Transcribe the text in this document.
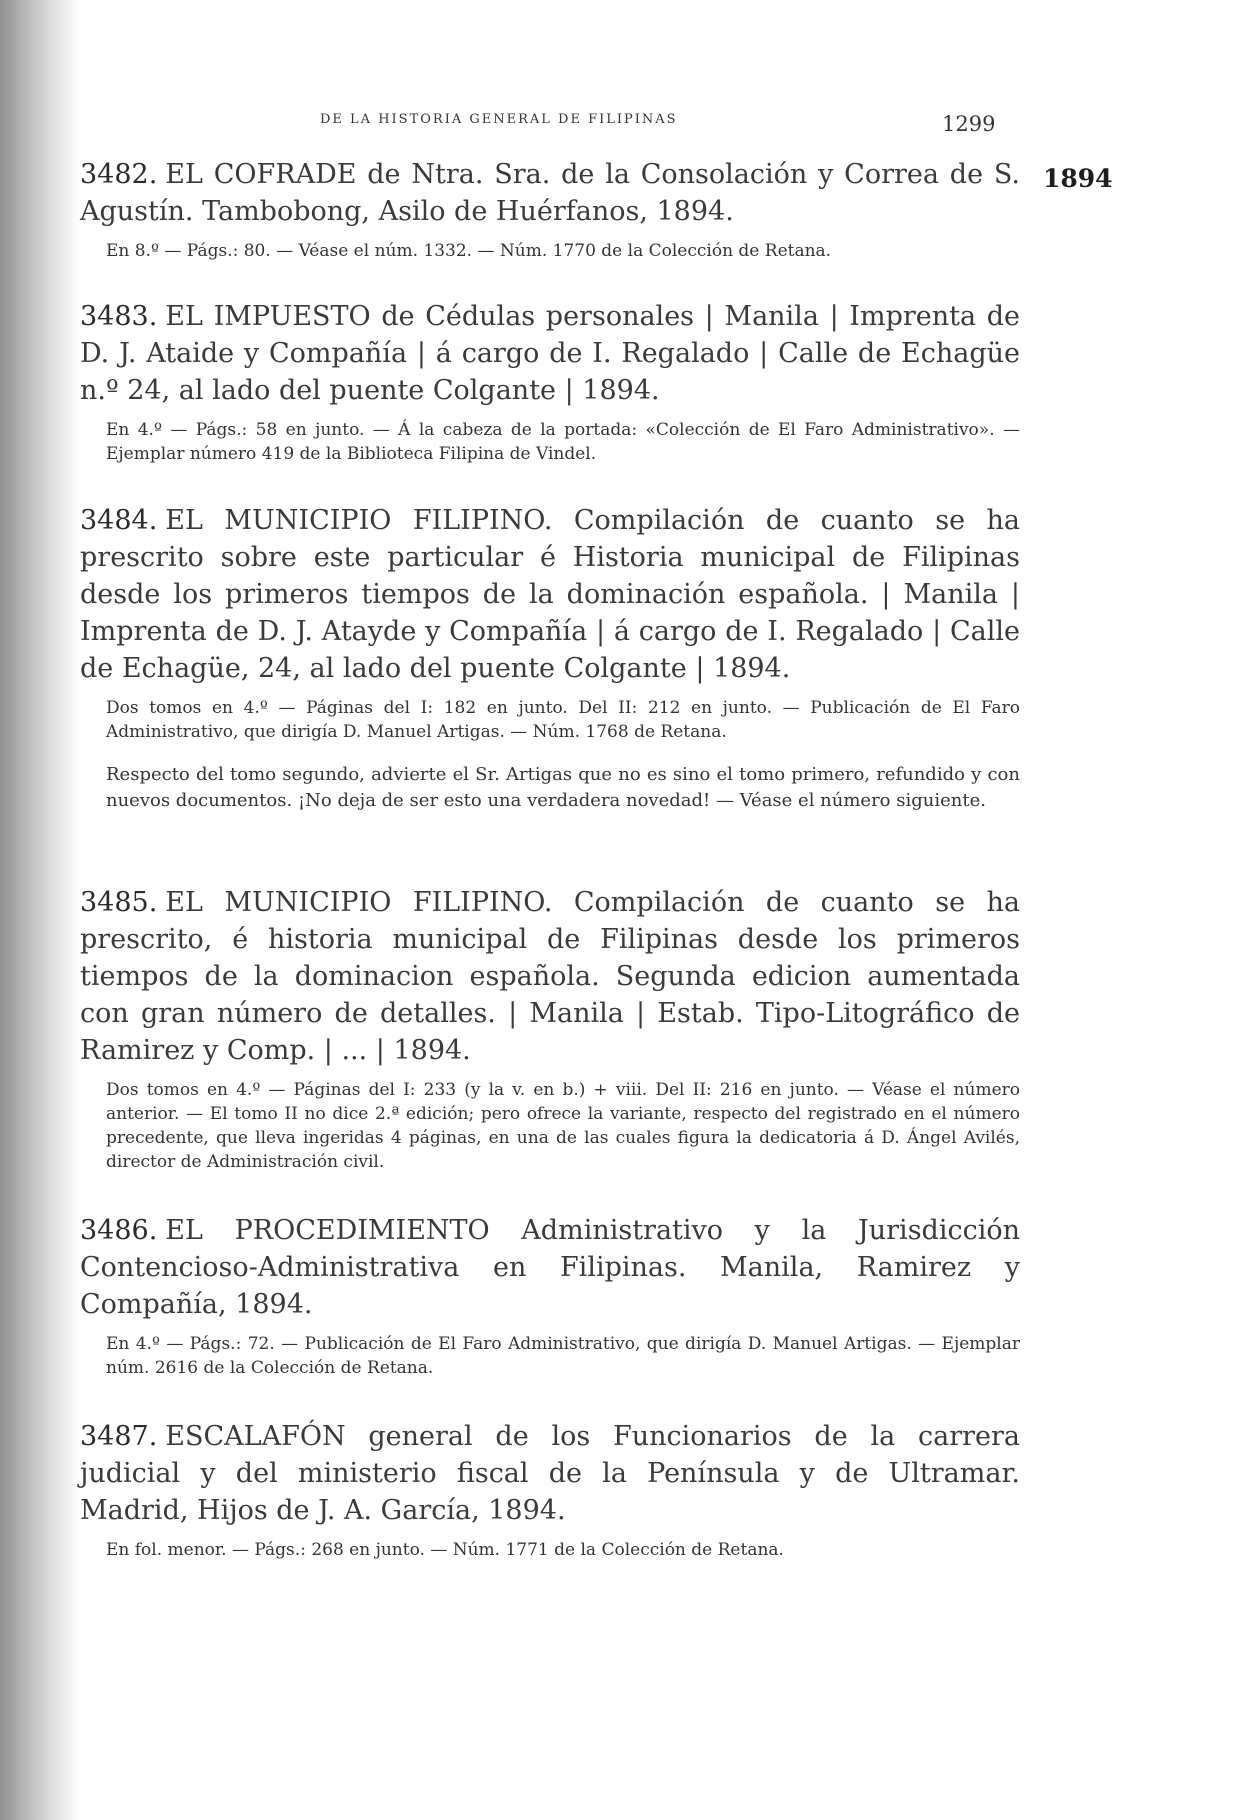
DE LA HISTORIA GENERAL DE FILIPINAS	1299
1894

3482. EL COFRADE de Ntra. Sra. de la Consolación y Correa de S. Agustín. Tambobong, Asilo de Huérfanos, 1894.

En 8.º — Págs.: 80. — Véase el núm. 1332. — Núm. 1770 de la Colección de Retana.

3483. EL IMPUESTO de Cédulas personales | Manila | Imprenta de D. J. Ataide y Compañía | á cargo de I. Regalado | Calle de Echagüe n.º 24, al lado del puente Colgante | 1894.

En 4.º — Págs.: 58 en junto. — Á la cabeza de la portada: «Colección de El Faro Administrativo». — Ejemplar número 419 de la Biblioteca Filipina de Vindel.

3484. EL MUNICIPIO FILIPINO. Compilación de cuanto se ha prescrito sobre este particular é Historia municipal de Filipinas desde los primeros tiempos de la dominación española. | Manila | Imprenta de D. J. Atayde y Compañía | á cargo de I. Regalado | Calle de Echagüe, 24, al lado del puente Colgante | 1894.

Dos tomos en 4.º — Páginas del I: 182 en junto. Del II: 212 en junto. — Publicación de El Faro Administrativo, que dirigía D. Manuel Artigas. — Núm. 1768 de Retana.

Respecto del tomo segundo, advierte el Sr. Artigas que no es sino el tomo primero, refundido y con nuevos documentos. ¡No deja de ser esto una verdadera novedad! — Véase el número siguiente.

3485. EL MUNICIPIO FILIPINO. Compilación de cuanto se ha prescrito, é historia municipal de Filipinas desde los primeros tiempos de la dominacion española. Segunda edicion aumentada con gran número de detalles. | Manila | Estab. Tipo-Litográfico de Ramirez y Comp. | ... | 1894.

Dos tomos en 4.º — Páginas del I: 233 (y la v. en b.) + viii. Del II: 216 en junto. — Véase el número anterior. — El tomo II no dice 2.ª edición; pero ofrece la variante, respecto del registrado en el número precedente, que lleva ingeridas 4 páginas, en una de las cuales figura la dedicatoria á D. Ángel Avilés, director de Administración civil.

3486. EL PROCEDIMIENTO Administrativo y la Jurisdicción Contencioso-Administrativa en Filipinas. Manila, Ramirez y Compañía, 1894.

En 4.º — Págs.: 72. — Publicación de El Faro Administrativo, que dirigía D. Manuel Artigas. — Ejemplar núm. 2616 de la Colección de Retana.

3487. ESCALAFÓN general de los Funcionarios de la carrera judicial y del ministerio fiscal de la Península y de Ultramar. Madrid, Hijos de J. A. García, 1894.

En fol. menor. — Págs.: 268 en junto. — Núm. 1771 de la Colección de Retana.
